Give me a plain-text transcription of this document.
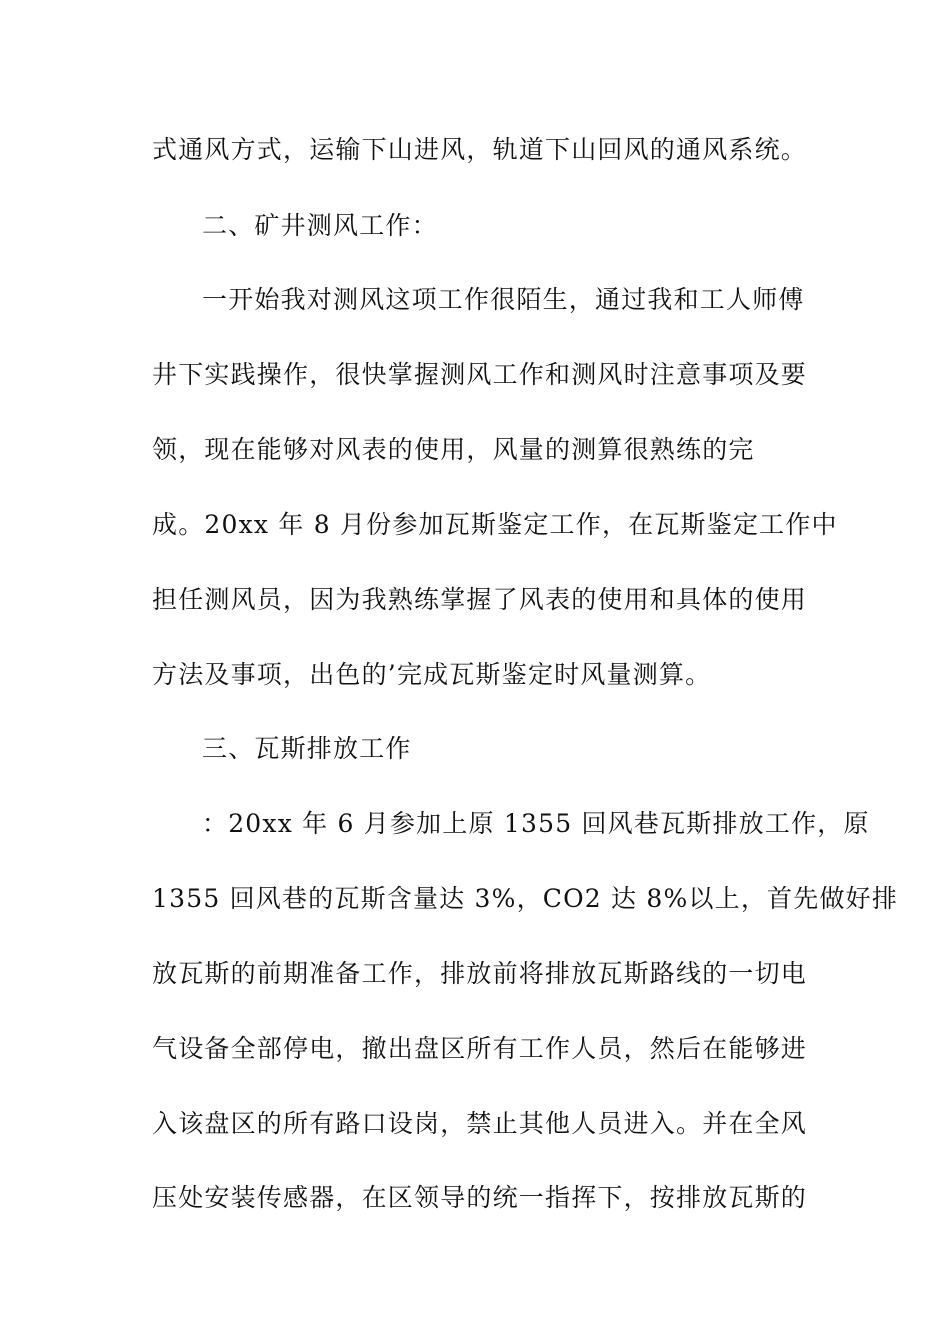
式通风方式，运输下山进风，轨道下山回风的通风系统。
二、矿井测风工作：
一开始我对测风这项工作很陌生，通过我和工人师傅
井下实践操作，很快掌握测风工作和测风时注意事项及要
领，现在能够对风表的使用，风量的测算很熟练的完
成。20xx 年 8 月份参加瓦斯鉴定工作，在瓦斯鉴定工作中
担任测风员，因为我熟练掌握了风表的使用和具体的使用
方法及事项，出色的’完成瓦斯鉴定时风量测算。
三、瓦斯排放工作
：20xx 年 6 月参加上原 1355 回风巷瓦斯排放工作，原
1355 回风巷的瓦斯含量达 3%，CO2 达 8%以上，首先做好排
放瓦斯的前期准备工作，排放前将排放瓦斯路线的一切电
气设备全部停电，撤出盘区所有工作人员，然后在能够进
入该盘区的所有路口设岗，禁止其他人员进入。并在全风
压处安装传感器，在区领导的统一指挥下，按排放瓦斯的
